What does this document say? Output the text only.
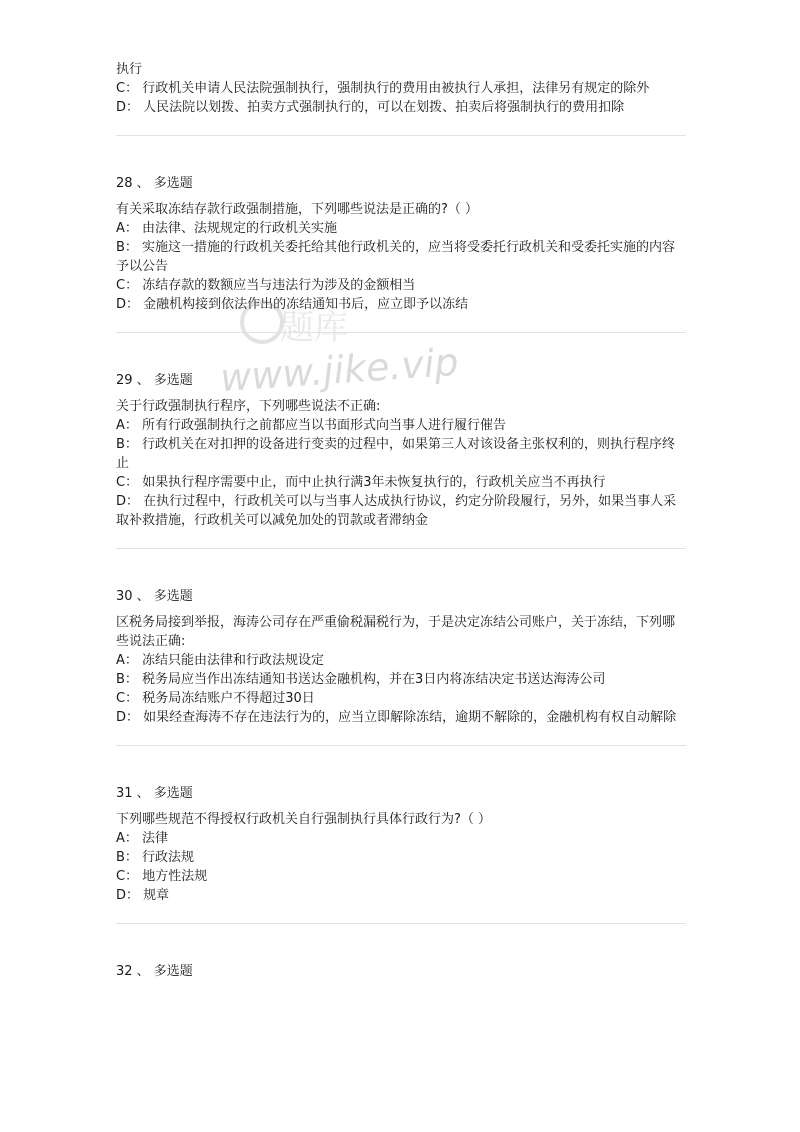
题库
www.jike.vip

执行

C： 行政机关申请人民法院强制执行，强制执行的费用由被执行人承担，法律另有规定的除外

D： 人民法院以划拨、拍卖方式强制执行的，可以在划拨、拍卖后将强制执行的费用扣除

28 、 多选题

有关采取冻结存款行政强制措施，下列哪些说法是正确的?（ ）

A： 由法律、法规规定的行政机关实施

B： 实施这一措施的行政机关委托给其他行政机关的，应当将受委托行政机关和受委托实施的内容予以公告

C： 冻结存款的数额应当与违法行为涉及的金额相当

D： 金融机构接到依法作出的冻结通知书后，应立即予以冻结

29 、 多选题

关于行政强制执行程序，下列哪些说法不正确:

A： 所有行政强制执行之前都应当以书面形式向当事人进行履行催告

B： 行政机关在对扣押的设备进行变卖的过程中，如果第三人对该设备主张权利的，则执行程序终止

C： 如果执行程序需要中止，而中止执行满3年未恢复执行的，行政机关应当不再执行

D： 在执行过程中，行政机关可以与当事人达成执行协议，约定分阶段履行，另外，如果当事人采取补救措施，行政机关可以减免加处的罚款或者滞纳金

30 、 多选题

区税务局接到举报，海涛公司存在严重偷税漏税行为，于是决定冻结公司账户，关于冻结，下列哪些说法正确:

A： 冻结只能由法律和行政法规设定

B： 税务局应当作出冻结通知书送达金融机构，并在3日内将冻结决定书送达海涛公司

C： 税务局冻结账户不得超过30日

D： 如果经查海涛不存在违法行为的，应当立即解除冻结，逾期不解除的，金融机构有权自动解除

31 、 多选题

下列哪些规范不得授权行政机关自行强制执行具体行政行为?（ ）

A： 法律

B： 行政法规

C： 地方性法规

D： 规章

32 、 多选题
